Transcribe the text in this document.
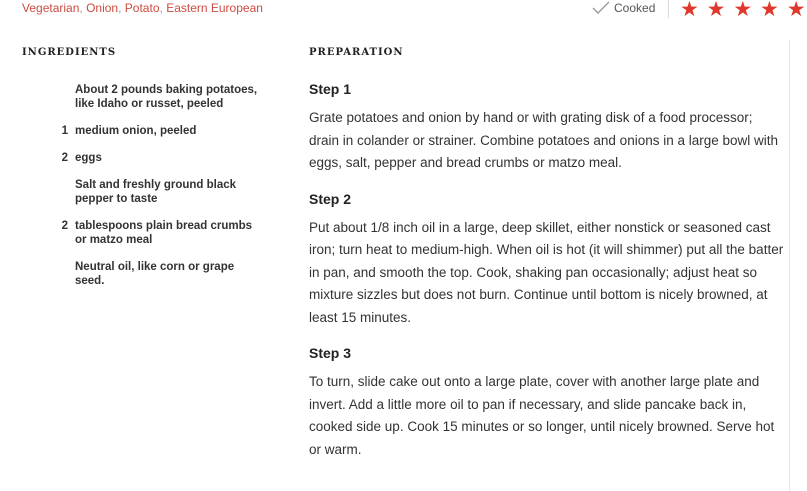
Vegetarian, Onion, Potato, Eastern European	Cooked ★ ★ ★ ★ ★
INGREDIENTS
About 2 pounds baking potatoes, like Idaho or russet, peeled
1 medium onion, peeled
2 eggs
Salt and freshly ground black pepper to taste
2 tablespoons plain bread crumbs or matzo meal
Neutral oil, like corn or grape seed.
PREPARATION
Step 1

Grate potatoes and onion by hand or with grating disk of a food processor; drain in colander or strainer. Combine potatoes and onions in a large bowl with eggs, salt, pepper and bread crumbs or matzo meal.

Step 2

Put about 1/8 inch oil in a large, deep skillet, either nonstick or seasoned cast iron; turn heat to medium-high. When oil is hot (it will shimmer) put all the batter in pan, and smooth the top. Cook, shaking pan occasionally; adjust heat so mixture sizzles but does not burn. Continue until bottom is nicely browned, at least 15 minutes.

Step 3

To turn, slide cake out onto a large plate, cover with another large plate and invert. Add a little more oil to pan if necessary, and slide pancake back in, cooked side up. Cook 15 minutes or so longer, until nicely browned. Serve hot or warm.
